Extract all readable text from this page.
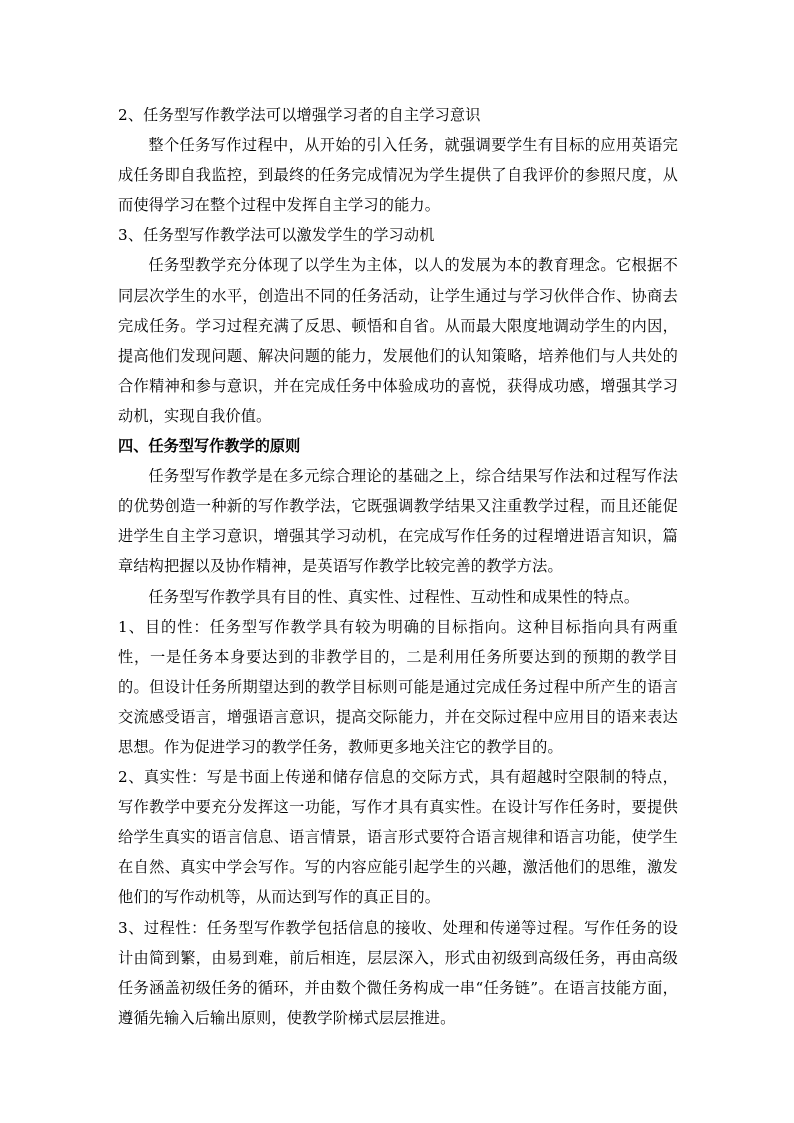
2、任务型写作教学法可以增强学习者的自主学习意识

整个任务写作过程中，从开始的引入任务，就强调要学生有目标的应用英语完成任务即自我监控，到最终的任务完成情况为学生提供了自我评价的参照尺度，从而使得学习在整个过程中发挥自主学习的能力。

3、任务型写作教学法可以激发学生的学习动机

任务型教学充分体现了以学生为主体，以人的发展为本的教育理念。它根据不同层次学生的水平，创造出不同的任务活动，让学生通过与学习伙伴合作、协商去完成任务。学习过程充满了反思、顿悟和自省。从而最大限度地调动学生的内因，提高他们发现问题、解决问题的能力，发展他们的认知策略，培养他们与人共处的合作精神和参与意识，并在完成任务中体验成功的喜悦，获得成功感，增强其学习动机，实现自我价值。

四、任务型写作教学的原则

任务型写作教学是在多元综合理论的基础之上，综合结果写作法和过程写作法的优势创造一种新的写作教学法，它既强调教学结果又注重教学过程，而且还能促进学生自主学习意识，增强其学习动机，在完成写作任务的过程增进语言知识，篇章结构把握以及协作精神，是英语写作教学比较完善的教学方法。

任务型写作教学具有目的性、真实性、过程性、互动性和成果性的特点。

1、目的性：任务型写作教学具有较为明确的目标指向。这种目标指向具有两重性，一是任务本身要达到的非教学目的，二是利用任务所要达到的预期的教学目的。但设计任务所期望达到的教学目标则可能是通过完成任务过程中所产生的语言交流感受语言，增强语言意识，提高交际能力，并在交际过程中应用目的语来表达思想。作为促进学习的教学任务，教师更多地关注它的教学目的。

2、真实性：写是书面上传递和储存信息的交际方式，具有超越时空限制的特点，写作教学中要充分发挥这一功能，写作才具有真实性。在设计写作任务时，要提供给学生真实的语言信息、语言情景，语言形式要符合语言规律和语言功能，使学生在自然、真实中学会写作。写的内容应能引起学生的兴趣，激活他们的思维，激发他们的写作动机等，从而达到写作的真正目的。

3、过程性：任务型写作教学包括信息的接收、处理和传递等过程。写作任务的设计由简到繁，由易到难，前后相连，层层深入，形式由初级到高级任务，再由高级任务涵盖初级任务的循环，并由数个微任务构成一串“任务链”。在语言技能方面，遵循先输入后输出原则，使教学阶梯式层层推进。
